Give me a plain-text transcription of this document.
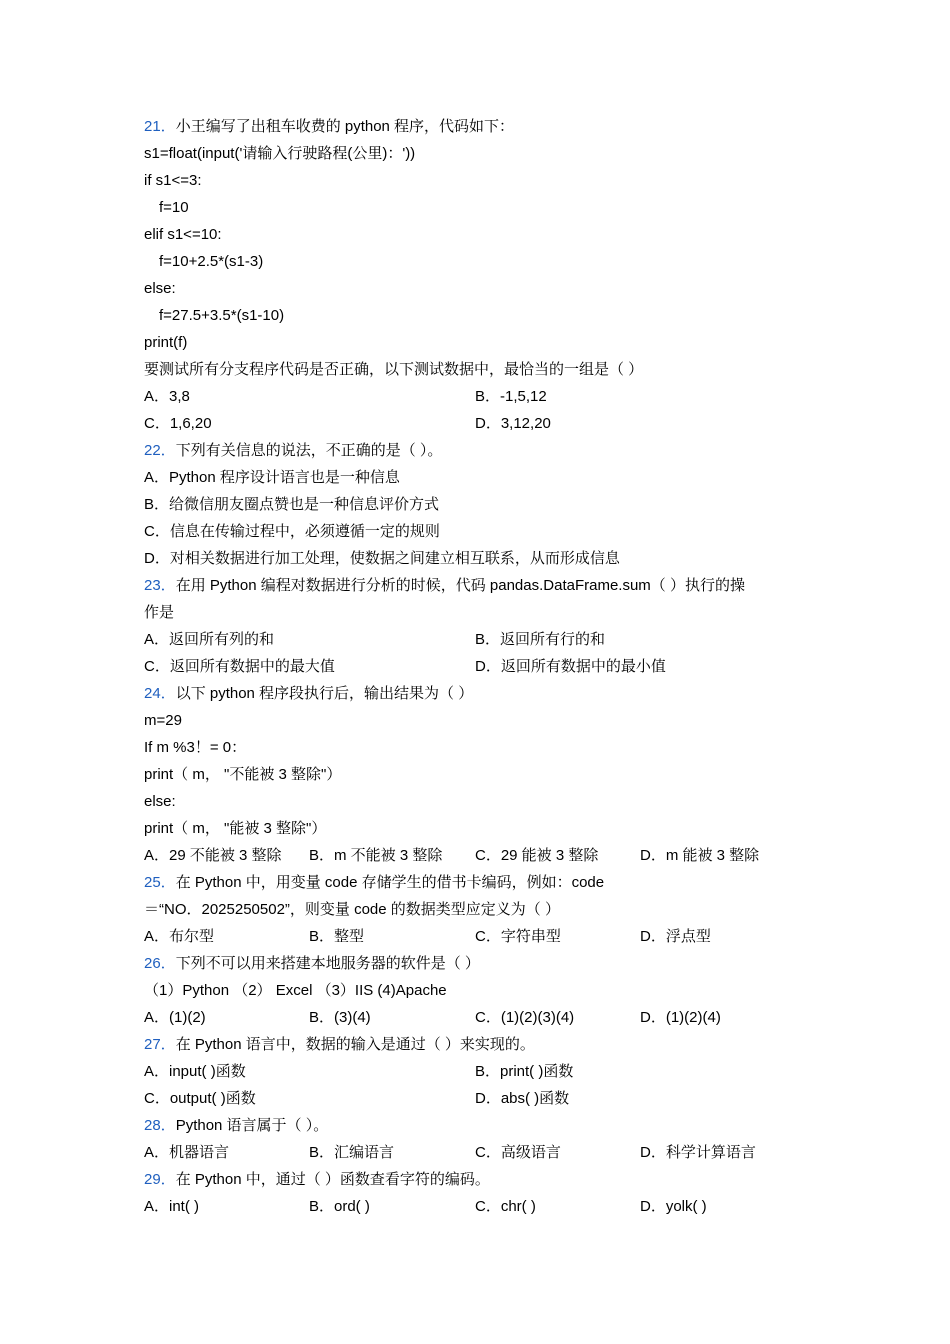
21．小王编写了出租车收费的 python 程序，代码如下：
s1=float(input('请输入行驶路程(公里)：'))
if s1<=3:
f=10
elif s1<=10:
f=10+2.5*(s1-3)
else:
f=27.5+3.5*(s1-10)
print(f)
要测试所有分支程序代码是否正确，以下测试数据中，最恰当的一组是（ ）
A．3,8	B．-1,5,12
C．1,6,20	D．3,12,20
22．下列有关信息的说法，不正确的是（ ）。
A．Python 程序设计语言也是一种信息
B．给微信朋友圈点赞也是一种信息评价方式
C．信息在传输过程中，必须遵循一定的规则
D．对相关数据进行加工处理，使数据之间建立相互联系，从而形成信息
23．在用 Python 编程对数据进行分析的时候，代码 pandas.DataFrame.sum（ ）执行的操
作是
A．返回所有列的和	B．返回所有行的和
C．返回所有数据中的最大值	D．返回所有数据中的最小值
24．以下 python 程序段执行后，输出结果为（ ）
m=29
If m %3！= 0：
print（ m， "不能被 3 整除"）
else:
print（ m， "能被 3 整除"）
A．29 不能被 3 整除 B．m 不能被 3 整除 C．29 能被 3 整除	D．m 能被 3 整除
25．在 Python 中，用变量 code 存储学生的借书卡编码，例如：code
＝“NO．2025250502”，则变量 code 的数据类型应定义为（ ）
A．布尔型	B．整型	C．字符串型	D．浮点型
26．下列不可以用来搭建本地服务器的软件是（ ）
（1）Python （2） Excel （3）IIS (4)Apache
A．(1)(2)	B．(3)(4)	C．(1)(2)(3)(4)	D．(1)(2)(4)
27．在 Python 语言中，数据的输入是通过（ ）来实现的。
A．input( )函数	B．print( )函数
C．output( )函数	D．abs( )函数
28．Python 语言属于（ ）。
A．机器语言	B．汇编语言	C．高级语言	D．科学计算语言
29．在 Python 中，通过（ ）函数查看字符的编码。
A．int( )	B．ord( )	C．chr( )	D．yolk( )
